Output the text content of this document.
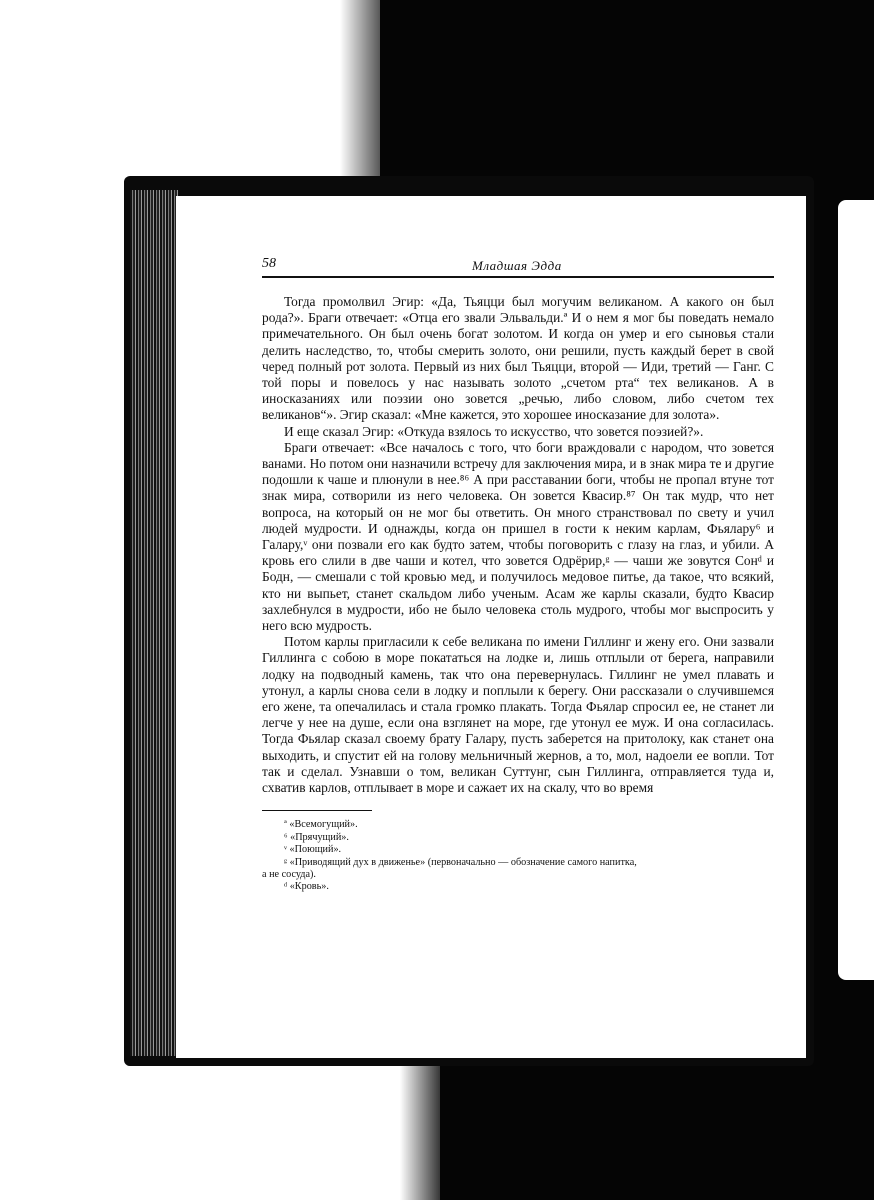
58	Младшая Эдда

Тогда промолвил Эгир: «Да, Тьяцци был могучим великаном. А какого он был рода?». Браги отвечает: «Отца его звали Эльвальди.ª И о нем я мог бы поведать немало примечательного. Он был очень богат золотом. И когда он умер и его сыновья стали делить наследство, то, чтобы смерить золото, они решили, пусть каждый берет в свой черед полный рот золота. Первый из них был Тьяцци, второй — Иди, третий — Ганг. С той поры и повелось у нас называть золото „счетом рта“ тех великанов. А в иносказаниях или поэзии оно зовется „речью, либо словом, либо счетом тех великанов“». Эгир сказал: «Мне кажется, это хорошее иносказание для золота».

И еще сказал Эгир: «Откуда взялось то искусство, что зовется поэзией?».

Браги отвечает: «Все началось с того, что боги враждовали с народом, что зовется ванами. Но потом они назначили встречу для заключения мира, и в знак мира те и другие подошли к чаше и плюнули в нее.⁸⁶ А при расставании боги, чтобы не пропал втуне тот знак мира, сотворили из него человека. Он зовется Квасир.⁸⁷ Он так мудр, что нет вопроса, на который он не мог бы ответить. Он много странствовал по свету и учил людей мудрости. И однажды, когда он пришел в гости к неким карлам, Фьялару⁶ и Галару,ᵛ они позвали его как будто затем, чтобы поговорить с глазу на глаз, и убили. А кровь его слили в две чаши и котел, что зовется Одрёрир,ᵍ — чаши же зовутся Сонᵈ и Бодн, — смешали с той кровью мед, и получилось медовое питье, да такое, что всякий, кто ни выпьет, станет скальдом либо ученым. Асам же карлы сказали, будто Квасир захлебнулся в мудрости, ибо не было человека столь мудрого, чтобы мог выспросить у него всю мудрость.

Потом карлы пригласили к себе великана по имени Гиллинг и жену его. Они зазвали Гиллинга с собою в море покататься на лодке и, лишь отплыли от берега, направили лодку на подводный камень, так что она перевернулась. Гиллинг не умел плавать и утонул, а карлы снова сели в лодку и поплыли к берегу. Они рассказали о случившемся его жене, та опечалилась и стала громко плакать. Тогда Фьялар спросил ее, не станет ли легче у нее на душе, если она взглянет на море, где утонул ее муж. И она согласилась. Тогда Фьялар сказал своему брату Галару, пусть заберется на притолоку, как станет она выходить, и спустит ей на голову мельничный жернов, а то, мол, надоели ее вопли. Тот так и сделал. Узнавши о том, великан Суттунг, сын Гиллинга, отправляется туда и, схватив карлов, отплывает в море и сажает их на скалу, что во время

ª «Всемогущий».

⁶ «Прячущий».

ᵛ «Поющий».

ᵍ «Приводящий дух в движенье» (первоначально — обозначение самого напитка,

а не сосуда).

ᵈ «Кровь».
